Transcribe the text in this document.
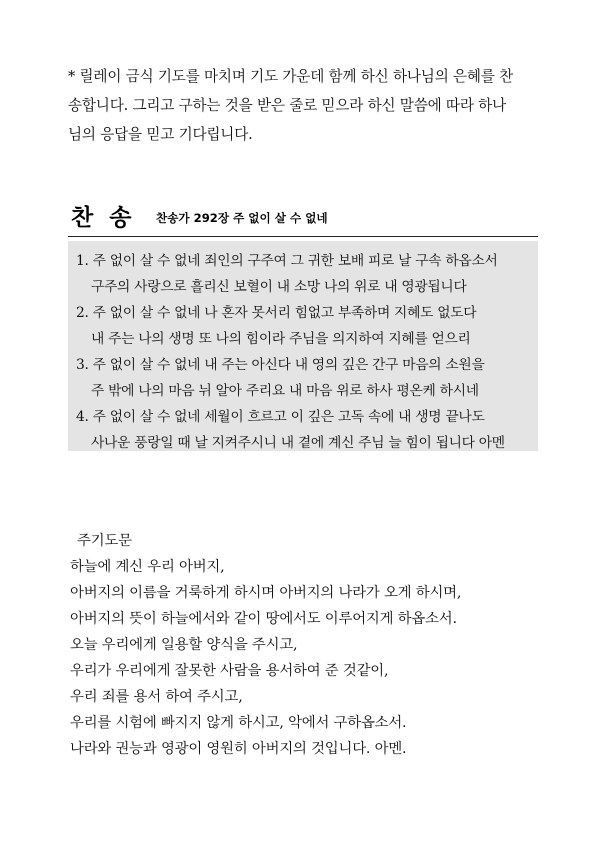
* 릴레이 금식 기도를 마치며 기도 가운데 함께 하신 하나님의 은혜를 찬
송합니다. 그리고 구하는 것을 받은 줄로 믿으라 하신 말씀에 따라 하나
님의 응답을 믿고 기다립니다.
찬 송 찬송가 292장 주 없이 살 수 없네
1. 주 없이 살 수 없네 죄인의 구주여 그 귀한 보배 피로 날 구속 하옵소서
구주의 사랑으로 흘리신 보혈이 내 소망 나의 위로 내 영광됩니다
2. 주 없이 살 수 없네 나 혼자 못서리 힘없고 부족하며 지혜도 없도다
내 주는 나의 생명 또 나의 힘이라 주님을 의지하여 지혜를 얻으리
3. 주 없이 살 수 없네 내 주는 아신다 내 영의 깊은 간구 마음의 소원을
주 밖에 나의 마음 뉘 알아 주리요 내 마음 위로 하사 평온케 하시네
4. 주 없이 살 수 없네 세월이 흐르고 이 깊은 고독 속에 내 생명 끝나도
사나운 풍랑일 때 날 지켜주시니 내 곁에 계신 주님 늘 힘이 됩니다 아멘
주기도문
하늘에 계신 우리 아버지,
아버지의 이름을 거룩하게 하시며 아버지의 나라가 오게 하시며,
아버지의 뜻이 하늘에서와 같이 땅에서도 이루어지게 하옵소서.
오늘 우리에게 일용할 양식을 주시고,
우리가 우리에게 잘못한 사람을 용서하여 준 것같이,
우리 죄를 용서 하여 주시고,
우리를 시험에 빠지지 않게 하시고, 악에서 구하옵소서.
나라와 권능과 영광이 영원히 아버지의 것입니다. 아멘.
